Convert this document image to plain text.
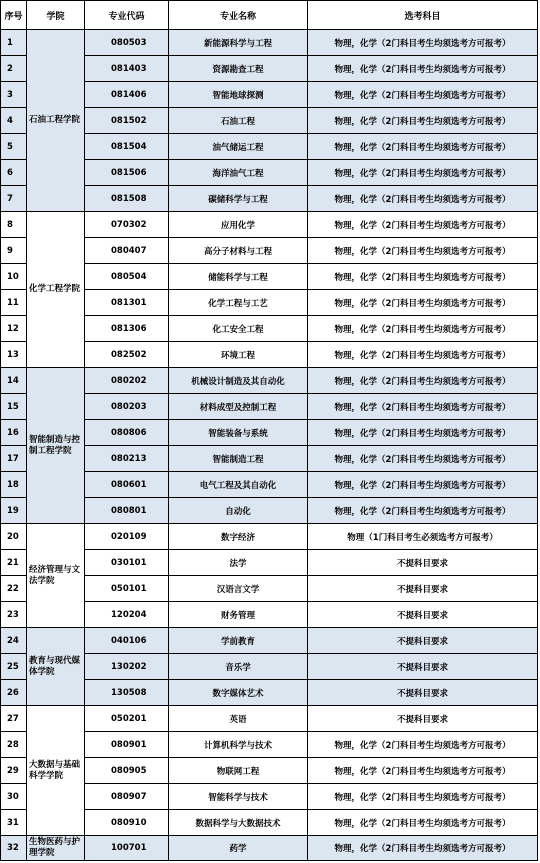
序号	学院	专业代码	专业名称	选考科目
1	石油工程学院	080503	新能源科学与工程	物理，化学（2门科目考生均须选考方可报考）
2		081403	资源勘查工程	物理，化学（2门科目考生均须选考方可报考）
3		081406	智能地球探测	物理，化学（2门科目考生均须选考方可报考）
4		081502	石油工程	物理，化学（2门科目考生均须选考方可报考）
5		081504	油气储运工程	物理，化学（2门科目考生均须选考方可报考）
6		081506	海洋油气工程	物理，化学（2门科目考生均须选考方可报考）
7		081508	碳储科学与工程	物理，化学（2门科目考生均须选考方可报考）
8	化学工程学院	070302	应用化学	物理，化学（2门科目考生均须选考方可报考）
9		080407	高分子材料与工程	物理，化学（2门科目考生均须选考方可报考）
10		080504	储能科学与工程	物理，化学（2门科目考生均须选考方可报考）
11		081301	化学工程与工艺	物理，化学（2门科目考生均须选考方可报考）
12		081306	化工安全工程	物理，化学（2门科目考生均须选考方可报考）
13		082502	环境工程	物理，化学（2门科目考生均须选考方可报考）
14	智能制造与控制工程学院	080202	机械设计制造及其自动化	物理，化学（2门科目考生均须选考方可报考）
15		080203	材料成型及控制工程	物理，化学（2门科目考生均须选考方可报考）
16		080806	智能装备与系统	物理，化学（2门科目考生均须选考方可报考）
17		080213	智能制造工程	物理，化学（2门科目考生均须选考方可报考）
18		080601	电气工程及其自动化	物理，化学（2门科目考生均须选考方可报考）
19		080801	自动化	物理，化学（2门科目考生均须选考方可报考）
20	经济管理与文法学院	020109	数字经济	物理（1门科目考生必须选考方可报考）
21		030101	法学	不提科目要求
22		050101	汉语言文学	不提科目要求
23		120204	财务管理	不提科目要求
24	教育与现代媒体学院	040106	学前教育	不提科目要求
25		130202	音乐学	不提科目要求
26		130508	数字媒体艺术	不提科目要求
27	大数据与基础科学学院	050201	英语	不提科目要求
28		080901	计算机科学与技术	物理，化学（2门科目考生均须选考方可报考）
29		080905	物联网工程	物理，化学（2门科目考生均须选考方可报考）
30		080907	智能科学与技术	物理，化学（2门科目考生均须选考方可报考）
31		080910	数据科学与大数据技术	物理，化学（2门科目考生均须选考方可报考）
32	生物医药与护理学院	100701	药学	物理，化学（2门科目考生均须选考方可报考）
